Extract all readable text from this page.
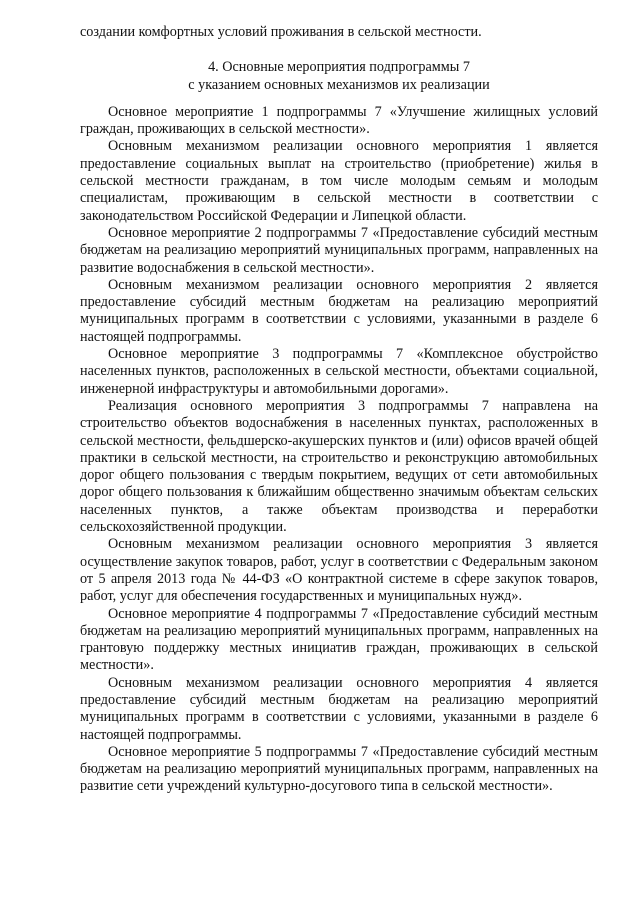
создании комфортных условий проживания в сельской местности.

4. Основные мероприятия подпрограммы 7
с указанием основных механизмов их реализации

Основное мероприятие 1 подпрограммы 7 «Улучшение жилищных условий граждан, проживающих в сельской местности».

Основным механизмом реализации основного мероприятия 1 является предоставление социальных выплат на строительство (приобретение) жилья в сельской местности гражданам, в том числе молодым семьям и молодым специалистам, проживающим в сельской местности в соответствии с законодательством Российской Федерации и Липецкой области.

Основное мероприятие 2 подпрограммы 7 «Предоставление субсидий местным бюджетам на реализацию мероприятий муниципальных программ, направленных на развитие водоснабжения в сельской местности».

Основным механизмом реализации основного мероприятия 2 является предоставление субсидий местным бюджетам на реализацию мероприятий муниципальных программ в соответствии с условиями, указанными в разделе 6 настоящей подпрограммы.

Основное мероприятие 3 подпрограммы 7 «Комплексное обустройство населенных пунктов, расположенных в сельской местности, объектами социальной, инженерной инфраструктуры и автомобильными дорогами».

Реализация основного мероприятия 3 подпрограммы 7 направлена на строительство объектов водоснабжения в населенных пунктах, расположенных в сельской местности, фельдшерско-акушерских пунктов и (или) офисов врачей общей практики в сельской местности, на строительство и реконструкцию автомобильных дорог общего пользования с твердым покрытием, ведущих от сети автомобильных дорог общего пользования к ближайшим общественно значимым объектам сельских населенных пунктов, а также объектам производства и переработки сельскохозяйственной продукции.

Основным механизмом реализации основного мероприятия 3 является осуществление закупок товаров, работ, услуг в соответствии с Федеральным законом от 5 апреля 2013 года № 44-ФЗ «О контрактной системе в сфере закупок товаров, работ, услуг для обеспечения государственных и муниципальных нужд».

Основное мероприятие 4 подпрограммы 7 «Предоставление субсидий местным бюджетам на реализацию мероприятий муниципальных программ, направленных на грантовую поддержку местных инициатив граждан, проживающих в сельской местности».

Основным механизмом реализации основного мероприятия 4 является предоставление субсидий местным бюджетам на реализацию мероприятий муниципальных программ в соответствии с условиями, указанными в разделе 6 настоящей подпрограммы.

Основное мероприятие 5 подпрограммы 7 «Предоставление субсидий местным бюджетам на реализацию мероприятий муниципальных программ, направленных на развитие сети учреждений культурно-досугового типа в сельской местности».
